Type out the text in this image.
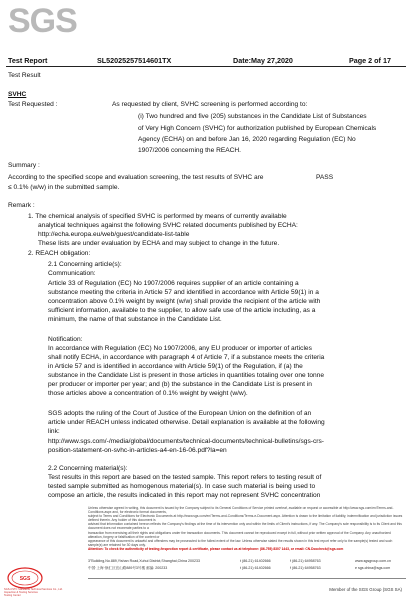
SGS
Test Report	SL52025257514601TX	Date:May 27,2020	Page 2 of 17
Test Result
SVHC
Test Requested :	As requested by client, SVHC screening is performed according to:
(i) Two hundred and five (205) substances in the Candidate List of Substances
of Very High Concern (SVHC) for authorization published by European Chemicals
Agency (ECHA) on and before Jan 16, 2020 regarding Regulation (EC) No
1907/2006 concerning the REACH.
Summary :
According to the specified scope and evaluation screening, the test results of SVHC are	PASS
≤ 0.1% (w/w) in the submitted sample.
Remark :
1. The chemical analysis of specified SVHC is performed by means of currently available
analytical techniques against the following SVHC related documents published by ECHA:
http://echa.europa.eu/web/guest/candidate-list-table
These lists are under evaluation by ECHA and may subject to change in the future.
2. REACH obligation:
2.1 Concerning article(s):
Communication:
Article 33 of Regulation (EC) No 1907/2006 requires supplier of an article containing a
substance meeting the criteria in Article 57 and identified in accordance with Article 59(1) in a
concentration above 0.1% weight by weight (w/w) shall provide the recipient of the article with
sufficient information, available to the supplier, to allow safe use of the article including, as a
minimum, the name of that substance in the Candidate List.
Notification:
In accordance with Regulation (EC) No 1907/2006, any EU producer or importer of articles
shall notify ECHA, in accordance with paragraph 4 of Article 7, if a substance meets the criteria
in Article 57 and is identified in accordance with Article 59(1) of the Regulation, if (a) the
substance in the Candidate List is present in those articles in quantities totaling over one tonne
per producer or importer per year; and (b) the substance in the Candidate List is present in
those articles above a concentration of 0.1% weight by weight (w/w).
SGS adopts the ruling of the Court of Justice of the European Union on the definition of an
article under REACH unless indicated otherwise. Detail explanation is available at the following
link:
http://www.sgs.com/-/media/global/documents/technical-documents/technical-bulletins/sgs-crs-
position-statement-on-svhc-in-articles-a4-en-16-06.pdf?la=en
2.2 Concerning material(s):
Test results in this report are based on the tested sample. This report refers to testing result of
tested sample submitted as homogenous material(s). In case such material is being used to
compose an article, the results indicated in this report may not represent SVHC concentration
Unless otherwise agreed in writing, this document is issued by the Company subject to its General Conditions of Service printed overleaf, available on request or accessible at http://www.sgs.com/en/Terms-and-Conditions.aspx and, for electronic format documents,
subject to Terms and Conditions for Electronic Documents at http://www.sgs.com/en/Terms-and-Conditions/Terms-e-Document.aspx. Attention is drawn to the limitation of liability, indemnification and jurisdiction issues defined therein. Any holder of this document is
advised that information contained hereon reflects the Company's findings at the time of its intervention only and within the limits of Client's instructions, if any. The Company's sole responsibility is to its Client and this document does not exonerate parties to a
transaction from exercising all their rights and obligations under the transaction documents. This document cannot be reproduced except in full, without prior written approval of the Company. Any unauthorized alteration, forgery or falsification of the content or
appearance of this document is unlawful and offenders may be prosecuted to the fullest extent of the law. Unless otherwise stated the results shown in this test report refer only to the sample(s) tested and such sample(s) are retained for 30 days only.
Attention: To check the authenticity of testing /inspection report & certificate, please contact us at telephone: (86-755) 8307 1443, or email: CN.Doccheck@sgs.com
SGS
SGS-CSTC Standards Technical Services Co., Ltd.
Inspection & Testing Services
Testing Center
3°Building,No.889,Yishan Road,Xuhui District,Shanghai,China 200233	t (86-21) 61402666	f (86-21) 64958763	www.sgsgroup.com.cn
中国·上海·徐汇区宜山路889号3号楼 邮编: 200233	t (86-21) 61402666	f (86-21) 64958763	e sgs.china@sgs.com
Member of the SGS Group (SGS SA)
